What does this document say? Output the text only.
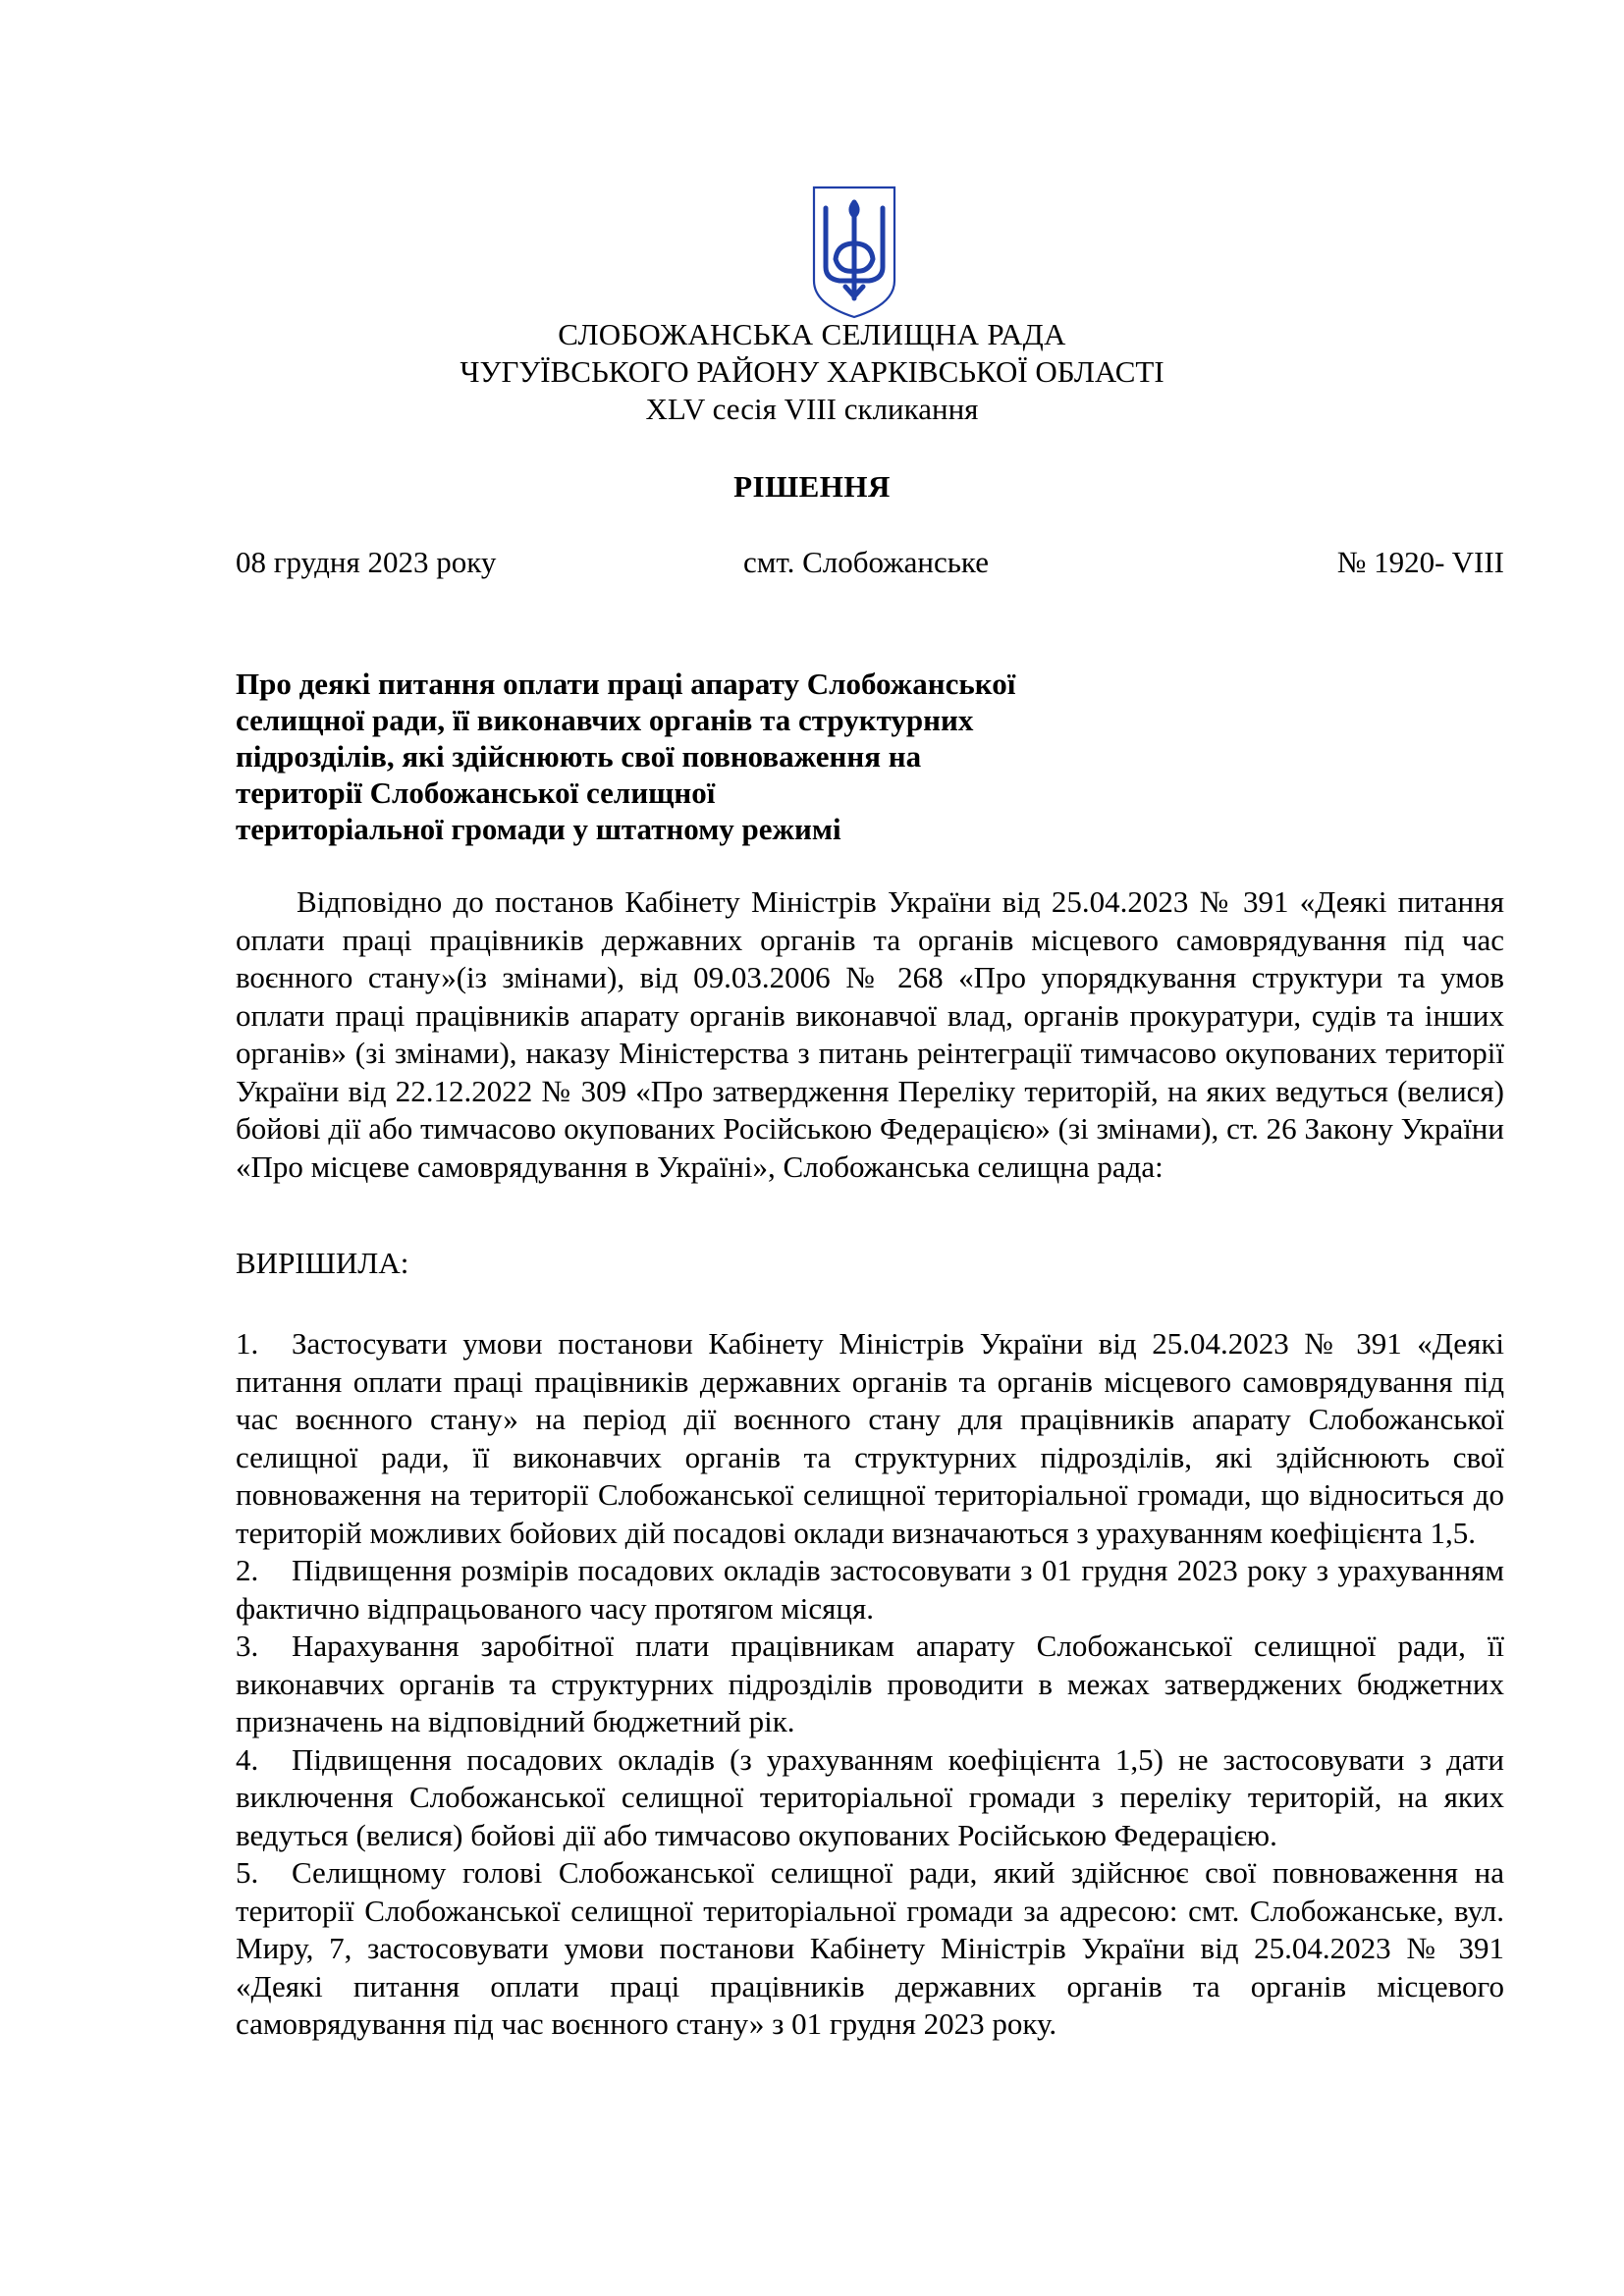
СЛОБОЖАНСЬКА СЕЛИЩНА РАДА
ЧУГУЇВСЬКОГО РАЙОНУ ХАРКІВСЬКОЇ ОБЛАСТІ
XLV сесія VIII скликання
РІШЕННЯ
08 грудня 2023 року	смт. Слобожанське	№ 1920- VIII
Про деякі питання оплати праці апарату Слобожанської
селищної ради, її виконавчих органів та структурних
підрозділів, які здійснюють свої повноваження на
території Слобожанської селищної
територіальної громади у штатному режимі
Відповідно до постанов Кабінету Міністрів України від 25.04.2023 № 391 «Деякі питання оплати праці працівників державних органів та органів місцевого самоврядування під час воєнного стану»(із змінами), від 09.03.2006 № 268 «Про упорядкування структури та умов оплати праці працівників апарату органів виконавчої влад, органів прокуратури, судів та інших органів» (зі змінами), наказу Міністерства з питань реінтеграції тимчасово окупованих території України від 22.12.2022 № 309 «Про затвердження Переліку територій, на яких ведуться (велися) бойові дії або тимчасово окупованих Російською Федерацією» (зі змінами), ст. 26 Закону України «Про місцеве самоврядування в Україні», Слобожанська селищна рада:
ВИРІШИЛА:

1. Застосувати умови постанови Кабінету Міністрів України від 25.04.2023 № 391 «Деякі питання оплати праці працівників державних органів та органів місцевого самоврядування під час воєнного стану» на період дії воєнного стану для працівників апарату Слобожанської селищної ради, її виконавчих органів та структурних підрозділів, які здійснюють свої повноваження на території Слобожанської селищної територіальної громади, що відноситься до територій можливих бойових дій посадові оклади визначаються з урахуванням коефіцієнта 1,5.

2. Підвищення розмірів посадових окладів застосовувати з 01 грудня 2023 року з урахуванням фактично відпрацьованого часу протягом місяця.

3. Нарахування заробітної плати працівникам апарату Слобожанської селищної ради, її виконавчих органів та структурних підрозділів проводити в межах затверджених бюджетних призначень на відповідний бюджетний рік.

4. Підвищення посадових окладів (з урахуванням коефіцієнта 1,5) не застосовувати з дати виключення Слобожанської селищної територіальної громади з переліку територій, на яких ведуться (велися) бойові дії або тимчасово окупованих Російською Федерацією.

5. Селищному голові Слобожанської селищної ради, який здійснює свої повноваження на території Слобожанської селищної територіальної громади за адресою: смт. Слобожанське, вул. Миру, 7, застосовувати умови постанови Кабінету Міністрів України від 25.04.2023 № 391 «Деякі питання оплати праці працівників державних органів та органів місцевого самоврядування під час воєнного стану» з 01 грудня 2023 року.
